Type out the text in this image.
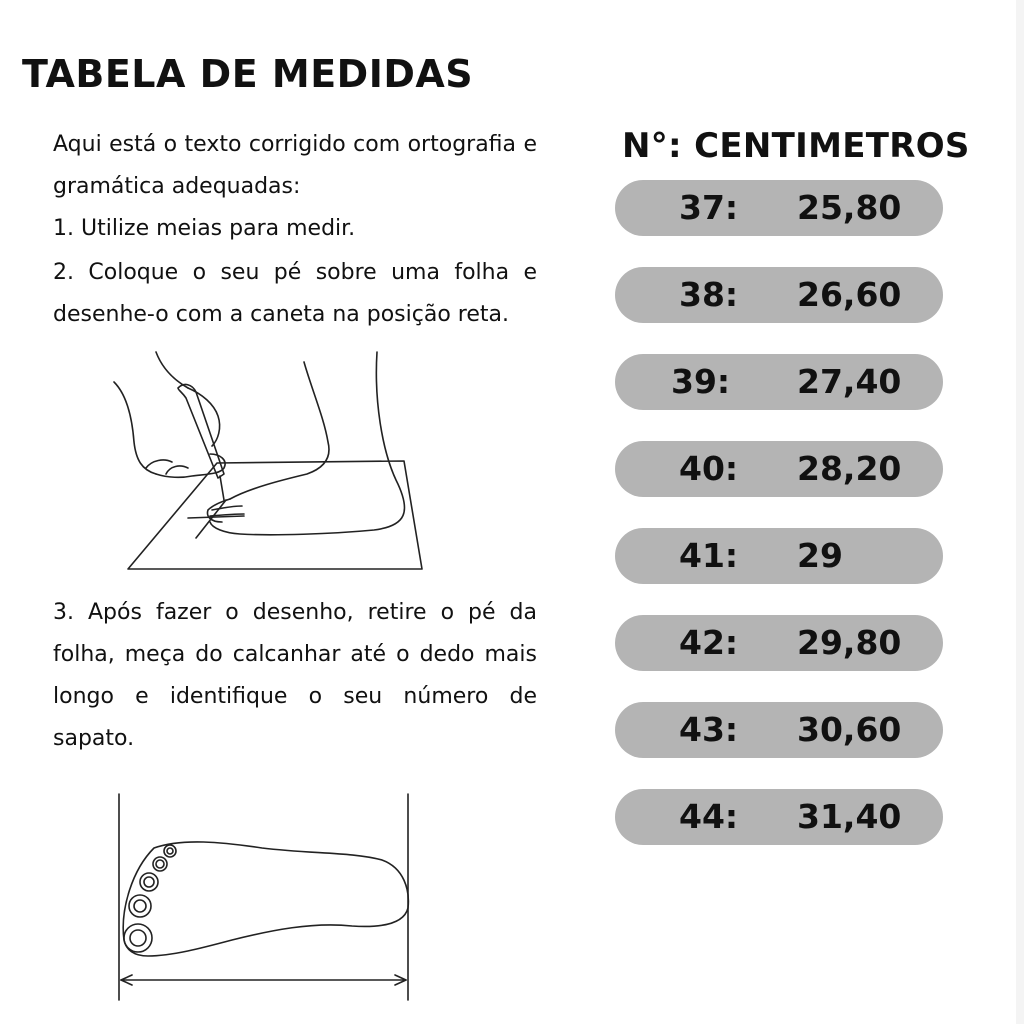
TABELA DE MEDIDAS
Aqui está o texto corrigido com ortografia e gramática adequadas:
1. Utilize meias para medir.
2. Coloque o seu pé sobre uma folha e desenhe-o com a caneta na posição reta.
3. Após fazer o desenho, retire o pé da folha, meça do calcanhar até o dedo mais longo e identifique o seu número de sapato.
N°: CENTIMETROS
37: 25,80
38: 26,60
39: 27,40
40: 28,20
41: 29
42: 29,80
43: 30,60
44: 31,40
